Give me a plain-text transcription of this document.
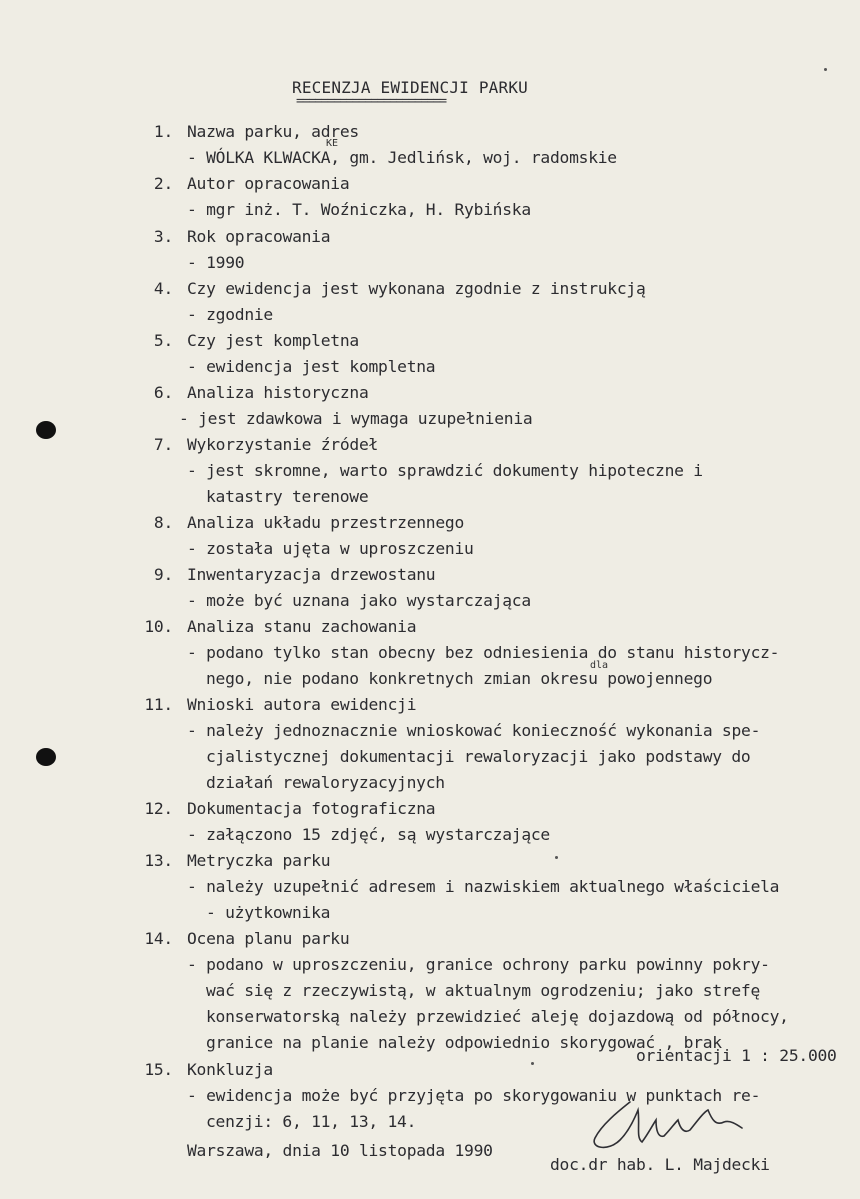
RECENZJA EWIDENCJI PARKU
========================
1. Nazwa parku, adres
- WÓLKA KLWACKA, gm. Jedlińsk, woj. radomskie
KE
2. Autor opracowania
- mgr inż. T. Woźniczka, H. Rybińska
3. Rok opracowania
- 1990
4. Czy ewidencja jest wykonana zgodnie z instrukcją
- zgodnie
5. Czy jest kompletna
- ewidencja jest kompletna
6. Analiza historyczna
- jest zdawkowa i wymaga uzupełnienia
7. Wykorzystanie źródeł
- jest skromne, warto sprawdzić dokumenty hipoteczne i
katastry terenowe
8. Analiza układu przestrzennego
- została ujęta w uproszczeniu
9. Inwentaryzacja drzewostanu
- może być uznana jako wystarczająca
10. Analiza stanu zachowania
- podano tylko stan obecny bez odniesienia do stanu historycz-
nego, nie podano konkretnych zmian okresu powojennego
dla
11. Wnioski autora ewidencji
- należy jednoznacznie wnioskować konieczność wykonania spe-
cjalistycznej dokumentacji rewaloryzacji jako podstawy do
działań rewaloryzacyjnych
12. Dokumentacja fotograficzna
- załączono 15 zdjęć, są wystarczające
13. Metryczka parku
- należy uzupełnić adresem i nazwiskiem aktualnego właściciela
- użytkownika
14. Ocena planu parku
- podano w uproszczeniu, granice ochrony parku powinny pokry-
wać się z rzeczywistą, w aktualnym ogrodzeniu; jako strefę
konserwatorską należy przewidzieć aleję dojazdową od północy,
granice na planie należy odpowiednio skorygować , brak
orientacji 1 : 25.000
15. Konkluzja
- ewidencja może być przyjęta po skorygowaniu w punktach re-
cenzji: 6, 11, 13, 14.
Warszawa, dnia 10 listopada 1990
doc.dr hab. L. Majdecki
